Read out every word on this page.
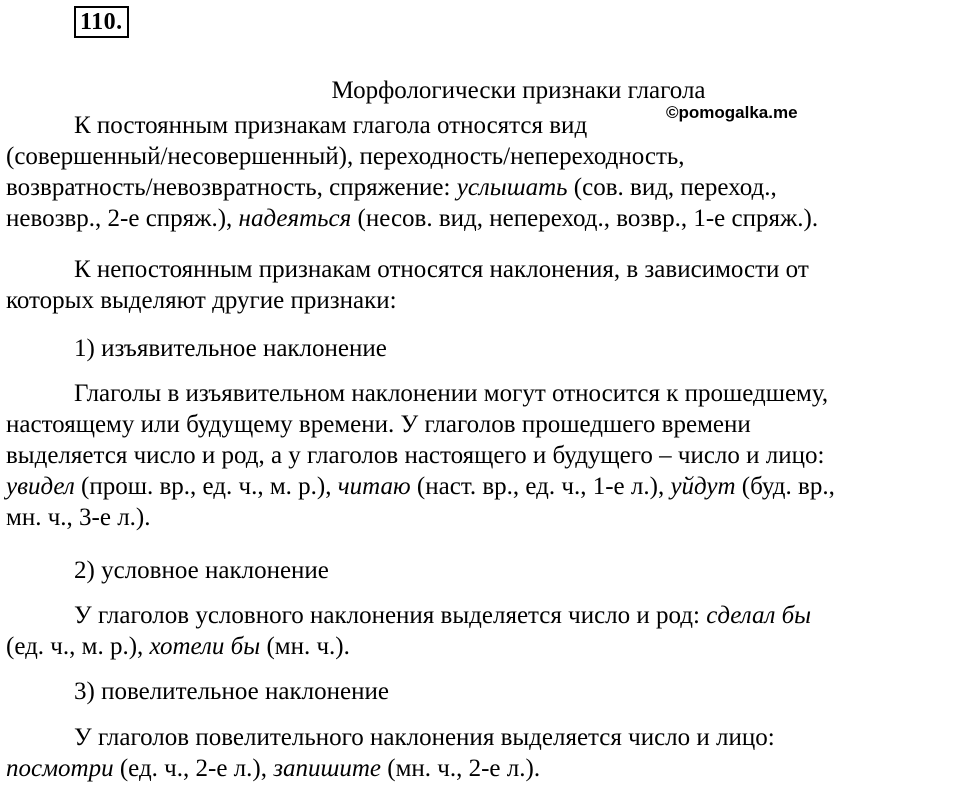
110.
Морфологически признаки глагола
©pomogalka.me

К постоянным признакам глагола относятся вид
(совершенный/несовершенный), переходность/непереходность,
возвратность/невозвратность, спряжение: услышать (сов. вид, переход.,
невозвр., 2-е спряж.), надеяться (несов. вид, непереход., возвр., 1-е спряж.).

К непостоянным признакам относятся наклонения, в зависимости от
которых выделяют другие признаки:

1) изъявительное наклонение

Глаголы в изъявительном наклонении могут относится к прошедшему,
настоящему или будущему времени. У глаголов прошедшего времени
выделяется число и род, а у глаголов настоящего и будущего – число и лицо:
увидел (прош. вр., ед. ч., м. р.), читаю (наст. вр., ед. ч., 1-е л.), уйдут (буд. вр.,
мн. ч., 3-е л.).

2) условное наклонение

У глаголов условного наклонения выделяется число и род: сделал бы
(ед. ч., м. р.), хотели бы (мн. ч.).

3) повелительное наклонение

У глаголов повелительного наклонения выделяется число и лицо:
посмотри (ед. ч., 2-е л.), запишите (мн. ч., 2-е л.).
